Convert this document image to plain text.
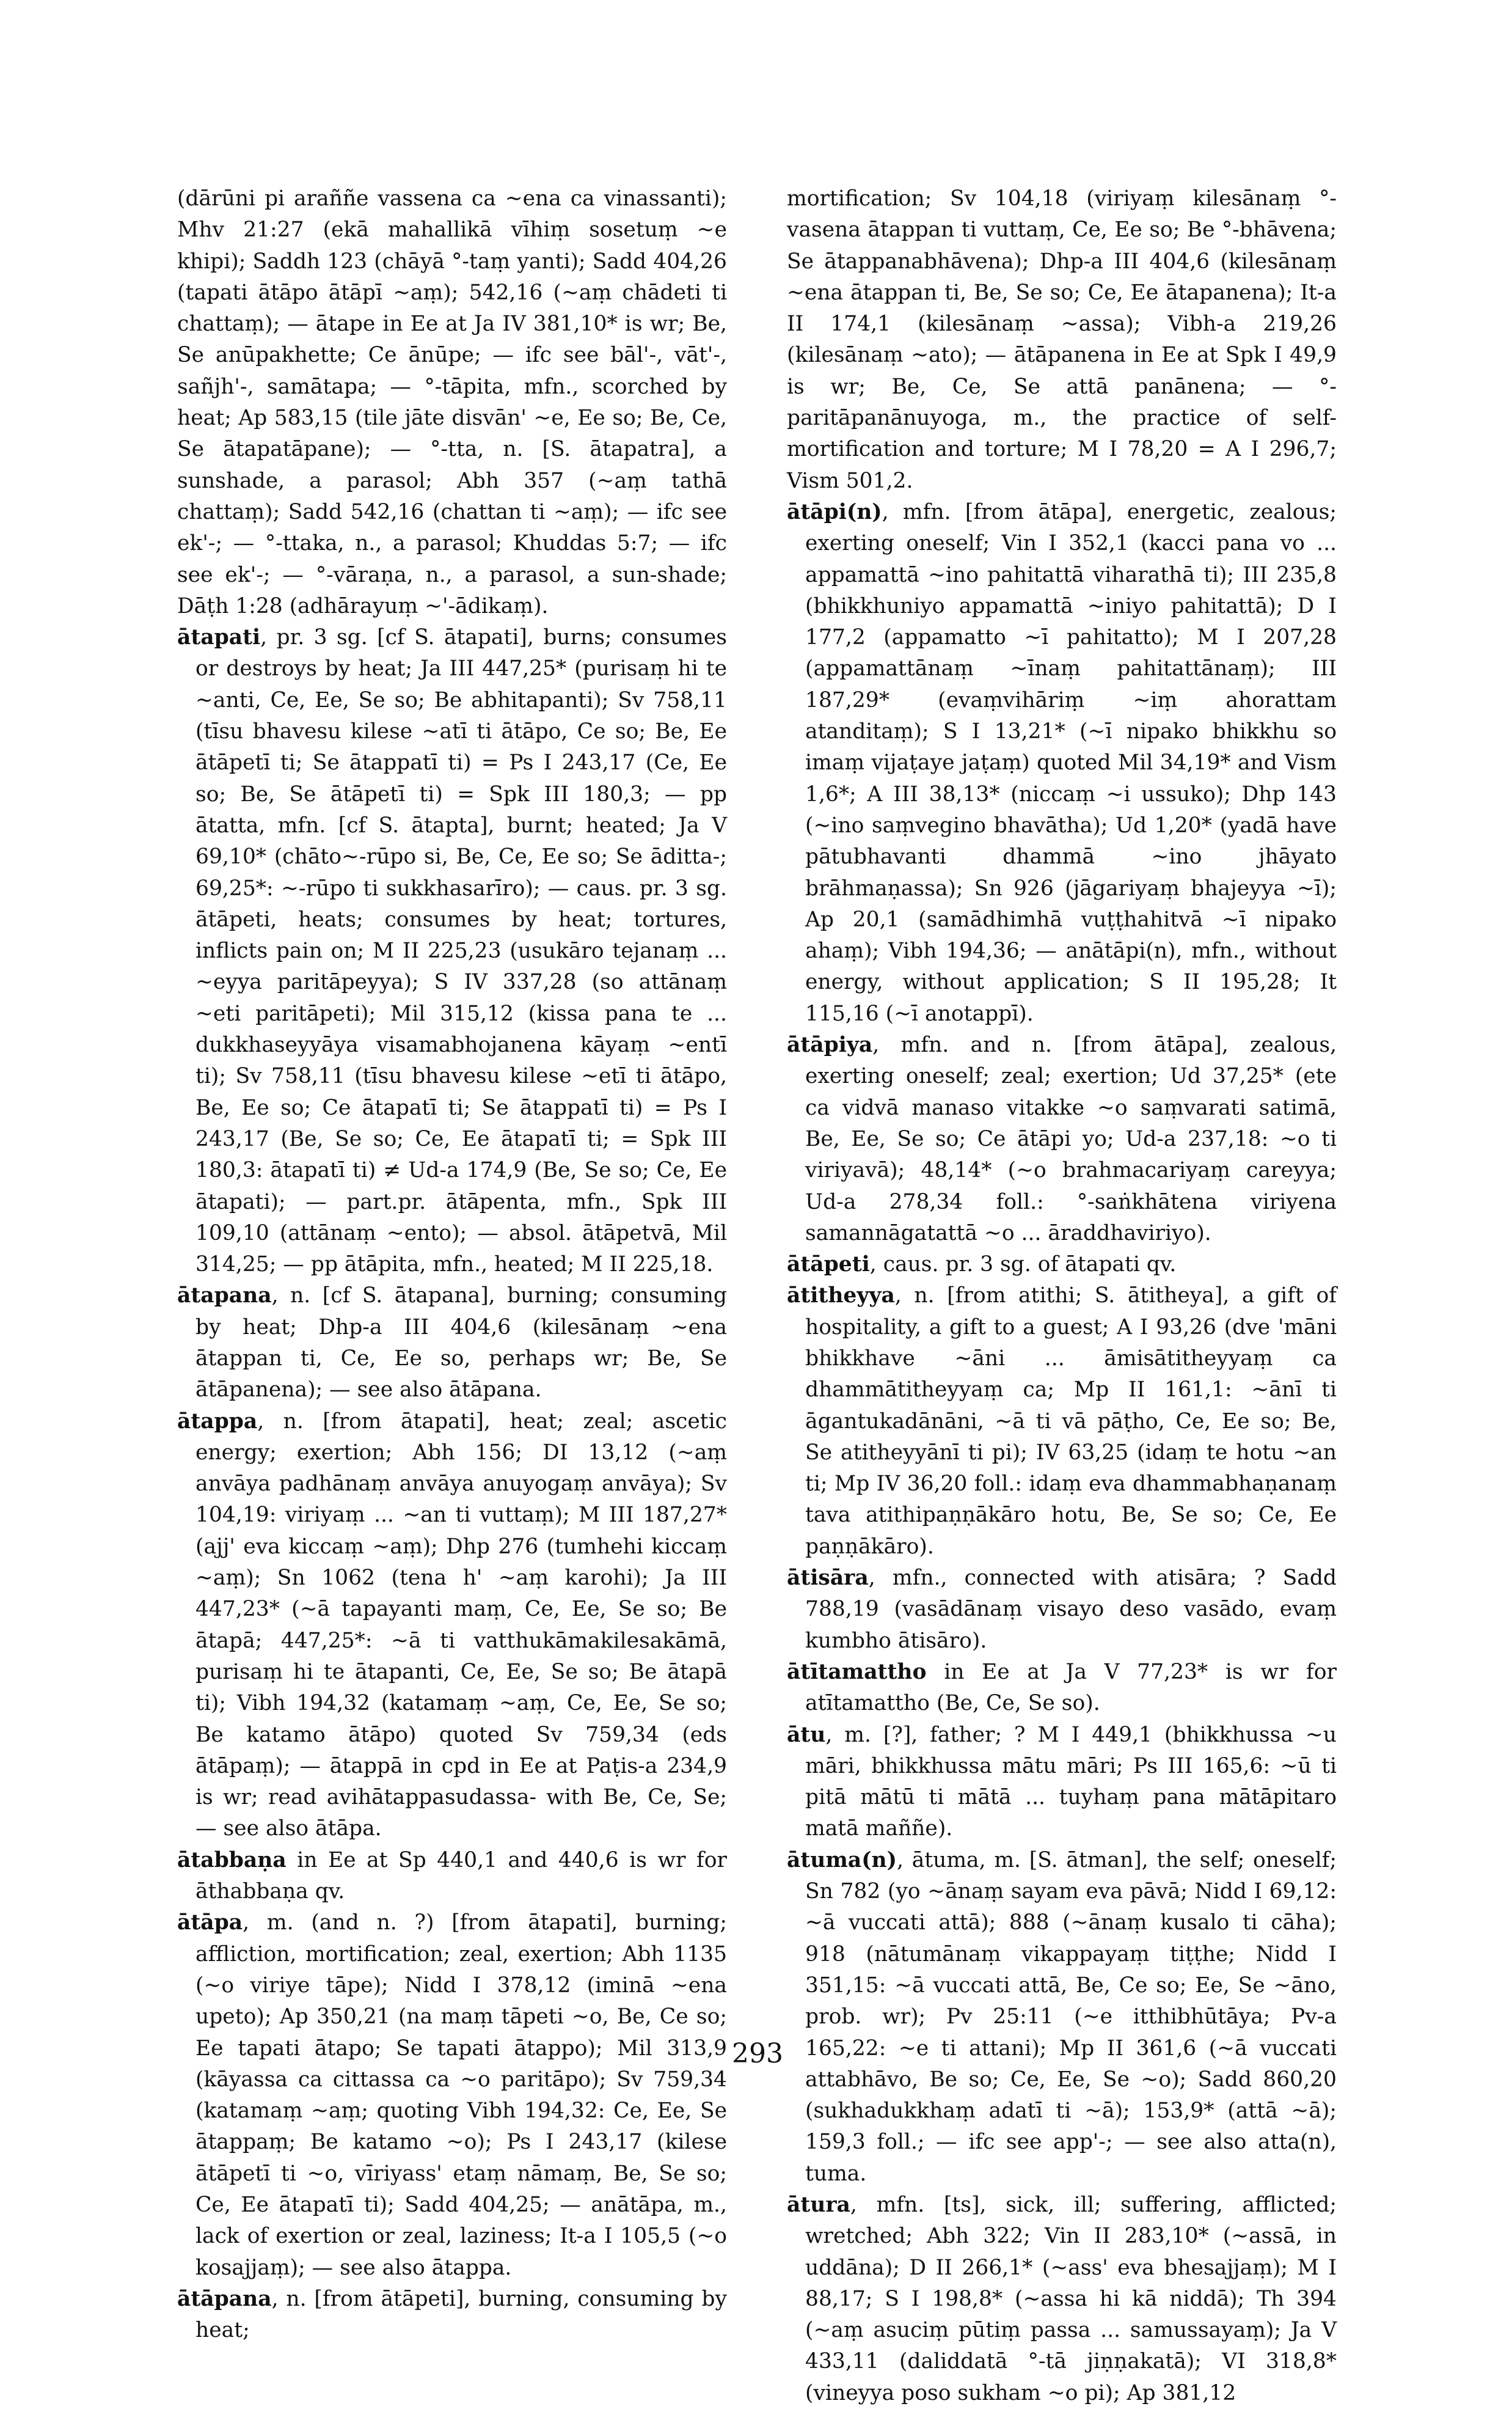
(dārūni pi araññe vassena ca ~ena ca vinassanti); Mhv 21:27 (ekā mahallikā vīhiṃ sosetuṃ ~e khipi); Saddh 123 (chāyā °-taṃ yanti); Sadd 404,26 (tapati ātāpo ātāpī ~aṃ); 542,16 (~aṃ chādeti ti chattaṃ); — ātape in Ee at Ja IV 381,10* is wr; Be, Se anūpakhette; Ce ānūpe; — ifc see bāl'-, vāt'-, sañjh'-, samātapa; — °-tāpita, mfn., scorched by heat; Ap 583,15 (tile jāte disvān' ~e, Ee so; Be, Ce, Se ātapatāpane); — °-tta, n. [S. ātapatra], a sunshade, a parasol; Abh 357 (~aṃ tathā chattaṃ); Sadd 542,16 (chattan ti ~aṃ); — ifc see ek'-; — °-ttaka, n., a parasol; Khuddas 5:7; — ifc see ek'-; — °-vāraṇa, n., a parasol, a sun-shade; Dāṭh 1:28 (adhārayuṃ ~'-ādikaṃ).

ātapati, pr. 3 sg. [cf S. ātapati], burns; consumes or destroys by heat; Ja III 447,25* (purisaṃ hi te ~anti, Ce, Ee, Se so; Be abhitapanti); Sv 758,11 (tīsu bhavesu kilese ~atī ti ātāpo, Ce so; Be, Ee ātāpetī ti; Se ātappatī ti) = Ps I 243,17 (Ce, Ee so; Be, Se ātāpetī ti) = Spk III 180,3; — pp ātatta, mfn. [cf S. ātapta], burnt; heated; Ja V 69,10* (chāto~-rūpo si, Be, Ce, Ee so; Se āditta-; 69,25*: ~-rūpo ti sukkhasarīro); — caus. pr. 3 sg. ātāpeti, heats; consumes by heat; tortures, inflicts pain on; M II 225,23 (usukāro tejanaṃ ... ~eyya paritāpeyya); S IV 337,28 (so attānaṃ ~eti paritāpeti); Mil 315,12 (kissa pana te ... dukkhaseyyāya visamabhojanena kāyaṃ ~entī ti); Sv 758,11 (tīsu bhavesu kilese ~etī ti ātāpo, Be, Ee so; Ce ātapatī ti; Se ātappatī ti) = Ps I 243,17 (Be, Se so; Ce, Ee ātapatī ti; = Spk III 180,3: ātapatī ti) ≠ Ud-a 174,9 (Be, Se so; Ce, Ee ātapati); — part.pr. ātāpenta, mfn., Spk III 109,10 (attānaṃ ~ento); — absol. ātāpetvā, Mil 314,25; — pp ātāpita, mfn., heated; M II 225,18.

ātapana, n. [cf S. ātapana], burning; consuming by heat; Dhp-a III 404,6 (kilesānaṃ ~ena ātappan ti, Ce, Ee so, perhaps wr; Be, Se ātāpanena); — see also ātāpana.

ātappa, n. [from ātapati], heat; zeal; ascetic energy; exertion; Abh 156; DI 13,12 (~aṃ anvāya padhānaṃ anvāya anuyogaṃ anvāya); Sv 104,19: viriyaṃ ... ~an ti vuttaṃ); M III 187,27* (ajj' eva kiccaṃ ~aṃ); Dhp 276 (tumhehi kiccaṃ ~aṃ); Sn 1062 (tena h' ~aṃ karohi); Ja III 447,23* (~ā tapayanti maṃ, Ce, Ee, Se so; Be ātapā; 447,25*: ~ā ti vatthukāmakilesakāmā, purisaṃ hi te ātapanti, Ce, Ee, Se so; Be ātapā ti); Vibh 194,32 (katamaṃ ~aṃ, Ce, Ee, Se so; Be katamo ātāpo) quoted Sv 759,34 (eds ātāpaṃ); — ātappā in cpd in Ee at Paṭis-a 234,9 is wr; read avihātappasudassa- with Be, Ce, Se; — see also ātāpa.

ātabbaṇa in Ee at Sp 440,1 and 440,6 is wr for āthabbaṇa qv.

ātāpa, m. (and n. ?) [from ātapati], burning; affliction, mortification; zeal, exertion; Abh 1135 (~o viriye tāpe); Nidd I 378,12 (iminā ~ena upeto); Ap 350,21 (na maṃ tāpeti ~o, Be, Ce so; Ee tapati ātapo; Se tapati ātappo); Mil 313,9 (kāyassa ca cittassa ca ~o paritāpo); Sv 759,34 (katamaṃ ~aṃ; quoting Vibh 194,32: Ce, Ee, Se ātappaṃ; Be katamo ~o); Ps I 243,17 (kilese ātāpetī ti ~o, vīriyass' etaṃ nāmaṃ, Be, Se so; Ce, Ee ātapatī ti); Sadd 404,25; — anātāpa, m., lack of exertion or zeal, laziness; It-a I 105,5 (~o kosajjaṃ); — see also ātappa.

ātāpana, n. [from ātāpeti], burning, consuming by heat;

mortification; Sv 104,18 (viriyaṃ kilesānaṃ °-vasena ātappan ti vuttaṃ, Ce, Ee so; Be °-bhāvena; Se ātappanabhāvena); Dhp-a III 404,6 (kilesānaṃ ~ena ātappan ti, Be, Se so; Ce, Ee ātapanena); It-a II 174,1 (kilesānaṃ ~assa); Vibh-a 219,26 (kilesānaṃ ~ato); — ātāpanena in Ee at Spk I 49,9 is wr; Be, Ce, Se attā panānena; — °-paritāpanānuyoga, m., the practice of self-mortification and torture; M I 78,20 = A I 296,7; Vism 501,2.

ātāpi(n), mfn. [from ātāpa], energetic, zealous; exerting oneself; Vin I 352,1 (kacci pana vo ... appamattā ~ino pahitattā viharathā ti); III 235,8 (bhikkhuniyo appamattā ~iniyo pahitattā); D I 177,2 (appamatto ~ī pahitatto); M I 207,28 (appamattānaṃ ~īnaṃ pahitattānaṃ); III 187,29* (evaṃvihāriṃ ~iṃ ahorattam atanditaṃ); S I 13,21* (~ī nipako bhikkhu so imaṃ vijaṭaye jaṭaṃ) quoted Mil 34,19* and Vism 1,6*; A III 38,13* (niccaṃ ~i ussuko); Dhp 143 (~ino saṃvegino bhavātha); Ud 1,20* (yadā have pātubhavanti dhammā ~ino jhāyato brāhmaṇassa); Sn 926 (jāgariyaṃ bhajeyya ~ī); Ap 20,1 (samādhimhā vuṭṭhahitvā ~ī nipako ahaṃ); Vibh 194,36; — anātāpi(n), mfn., without energy, without application; S II 195,28; It 115,16 (~ī anotappī).

ātāpiya, mfn. and n. [from ātāpa], zealous, exerting oneself; zeal; exertion; Ud 37,25* (ete ca vidvā manaso vitakke ~o saṃvarati satimā, Be, Ee, Se so; Ce ātāpi yo; Ud-a 237,18: ~o ti viriyavā); 48,14* (~o brahmacariyaṃ careyya; Ud-a 278,34 foll.: °-saṅkhātena viriyena samannāgatattā ~o ... āraddhaviriyo).

ātāpeti, caus. pr. 3 sg. of ātapati qv.

ātitheyya, n. [from atithi; S. ātitheya], a gift of hospitality, a gift to a guest; A I 93,26 (dve 'māni bhikkhave ~āni ... āmisātitheyyaṃ ca dhammātitheyyaṃ ca; Mp II 161,1: ~ānī ti āgantukadānāni, ~ā ti vā pāṭho, Ce, Ee so; Be, Se atitheyyānī ti pi); IV 63,25 (idaṃ te hotu ~an ti; Mp IV 36,20 foll.: idaṃ eva dhammabhaṇanaṃ tava atithipaṇṇākāro hotu, Be, Se so; Ce, Ee paṇṇākāro).

ātisāra, mfn., connected with atisāra; ? Sadd 788,19 (vasādānaṃ visayo deso vasādo, evaṃ kumbho ātisāro).

ātītamattho in Ee at Ja V 77,23* is wr for atītamattho (Be, Ce, Se so).

ātu, m. [?], father; ? M I 449,1 (bhikkhussa ~u māri, bhikkhussa mātu māri; Ps III 165,6: ~ū ti pitā mātū ti mātā ... tuyhaṃ pana mātāpitaro matā maññe).

ātuma(n), ātuma, m. [S. ātman], the self; oneself; Sn 782 (yo ~ānaṃ sayam eva pāvā; Nidd I 69,12: ~ā vuccati attā); 888 (~ānaṃ kusalo ti cāha); 918 (nātumānaṃ vikappayaṃ tiṭṭhe; Nidd I 351,15: ~ā vuccati attā, Be, Ce so; Ee, Se ~āno, prob. wr); Pv 25:11 (~e itthibhūtāya; Pv-a 165,22: ~e ti attani); Mp II 361,6 (~ā vuccati attabhāvo, Be so; Ce, Ee, Se ~o); Sadd 860,20 (sukhadukkhaṃ adatī ti ~ā); 153,9* (attā ~ā); 159,3 foll.; — ifc see app'-; — see also atta(n), tuma.

ātura, mfn. [ts], sick, ill; suffering, afflicted; wretched; Abh 322; Vin II 283,10* (~assā, in uddāna); D II 266,1* (~ass' eva bhesajjaṃ); M I 88,17; S I 198,8* (~assa hi kā niddā); Th 394 (~aṃ asuciṃ pūtiṃ passa ... samussayaṃ); Ja V 433,11 (daliddatā °-tā jiṇṇakatā); VI 318,8* (vineyya poso sukham ~o pi); Ap 381,12

293
